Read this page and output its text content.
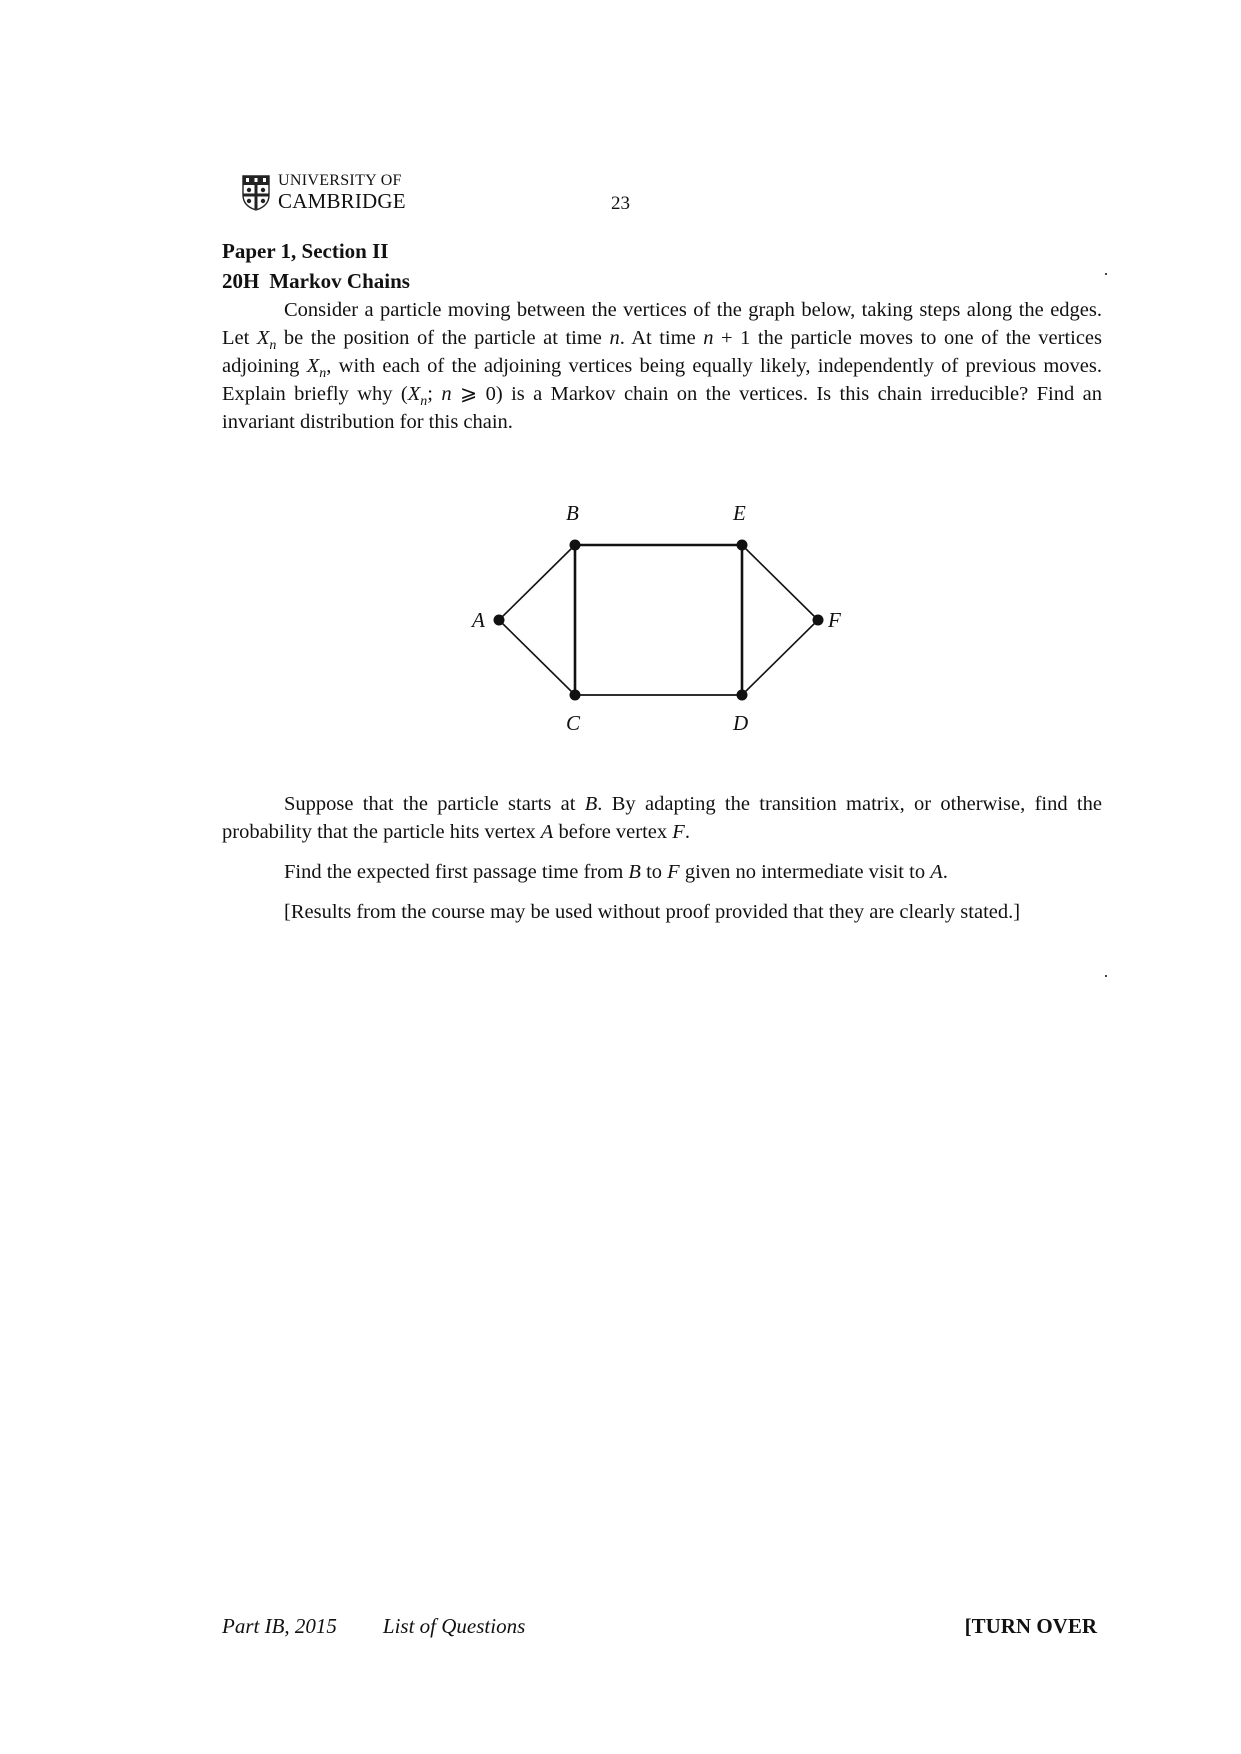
UNIVERSITY OF
CAMBRIDGE	23

Paper 1, Section II

20H Markov Chains

Consider a particle moving between the vertices of the graph below, taking steps along the edges. Let $X_n$ be the position of the particle at time n. At time n + 1 the particle moves to one of the vertices adjoining $X_n$, with each of the adjoining vertices being equally likely, independently of previous moves. Explain briefly why ($X_n$; n ⩾ 0) is a Markov chain on the vertices. Is this chain irreducible? Find an invariant distribution for this chain.

A
B
C	D
E
F

Suppose that the particle starts at B. By adapting the transition matrix, or otherwise, find the probability that the particle hits vertex A before vertex F.

Find the expected first passage time from B to F given no intermediate visit to A.

[Results from the course may be used without proof provided that they are clearly stated.]

Part IB, 2015 List of Questions	[TURN OVER
